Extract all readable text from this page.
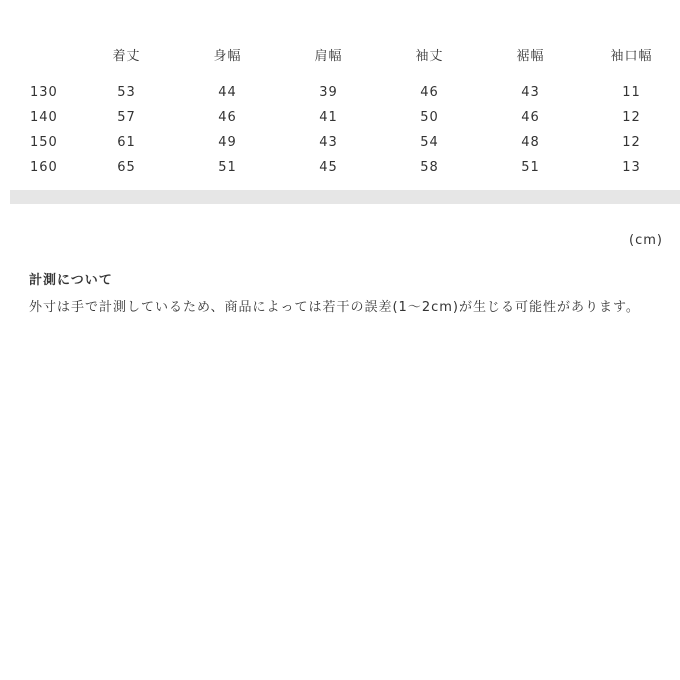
	着丈	身幅	肩幅	袖丈	裾幅	袖口幅

130	53	44	39	46	43	11
140	57	46	41	50	46	12
150	61	49	43	54	48	12
160	65	51	45	58	51	13
(cm)
計測について
外寸は手で計測しているため、商品によっては若干の誤差(1〜2cm)が生じる可能性があります。
